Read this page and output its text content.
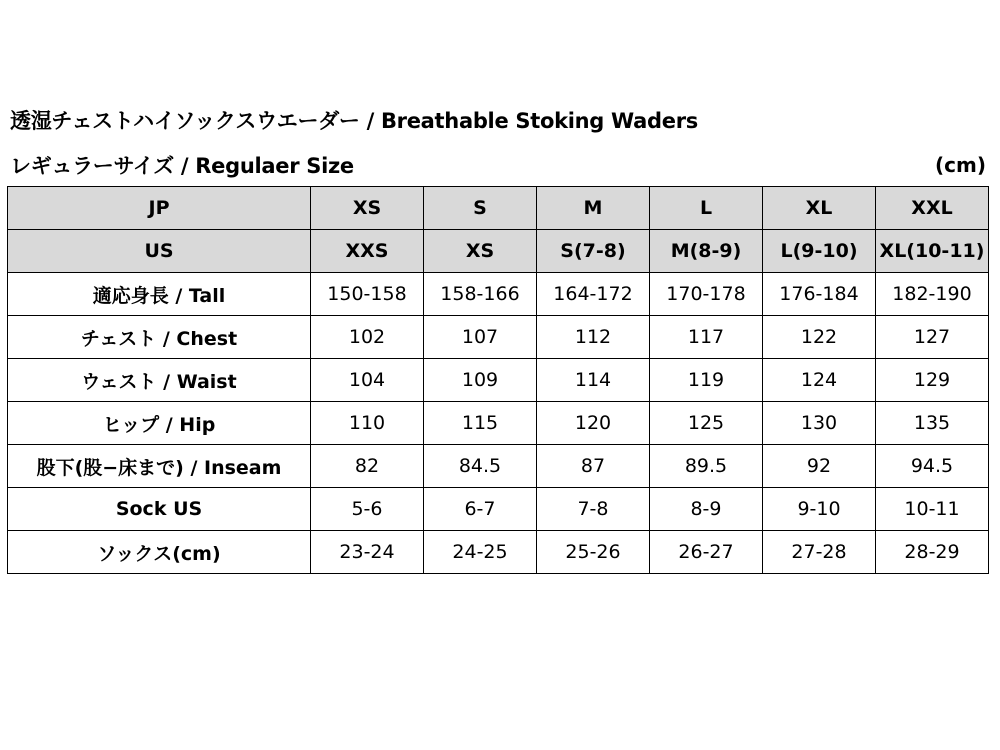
透湿チェストハイソックスウエーダー / Breathable Stoking Waders
レギュラーサイズ / Regulaer Size	(cm)
JP	XS	S	M	L	XL	XXL
US	XXS	XS	S(7-8)	M(8-9)	L(9-10)	XL(10-11)
適応身長 / Tall	150-158	158-166	164-172	170-178	176-184	182-190
チェスト / Chest	102	107	112	117	122	127
ウェスト / Waist	104	109	114	119	124	129
ヒップ / Hip	110	115	120	125	130	135
股下(股−床まで) / Inseam	82	84.5	87	89.5	92	94.5
Sock US	5-6	6-7	7-8	8-9	9-10	10-11
ソックス(cm)	23-24	24-25	25-26	26-27	27-28	28-29
